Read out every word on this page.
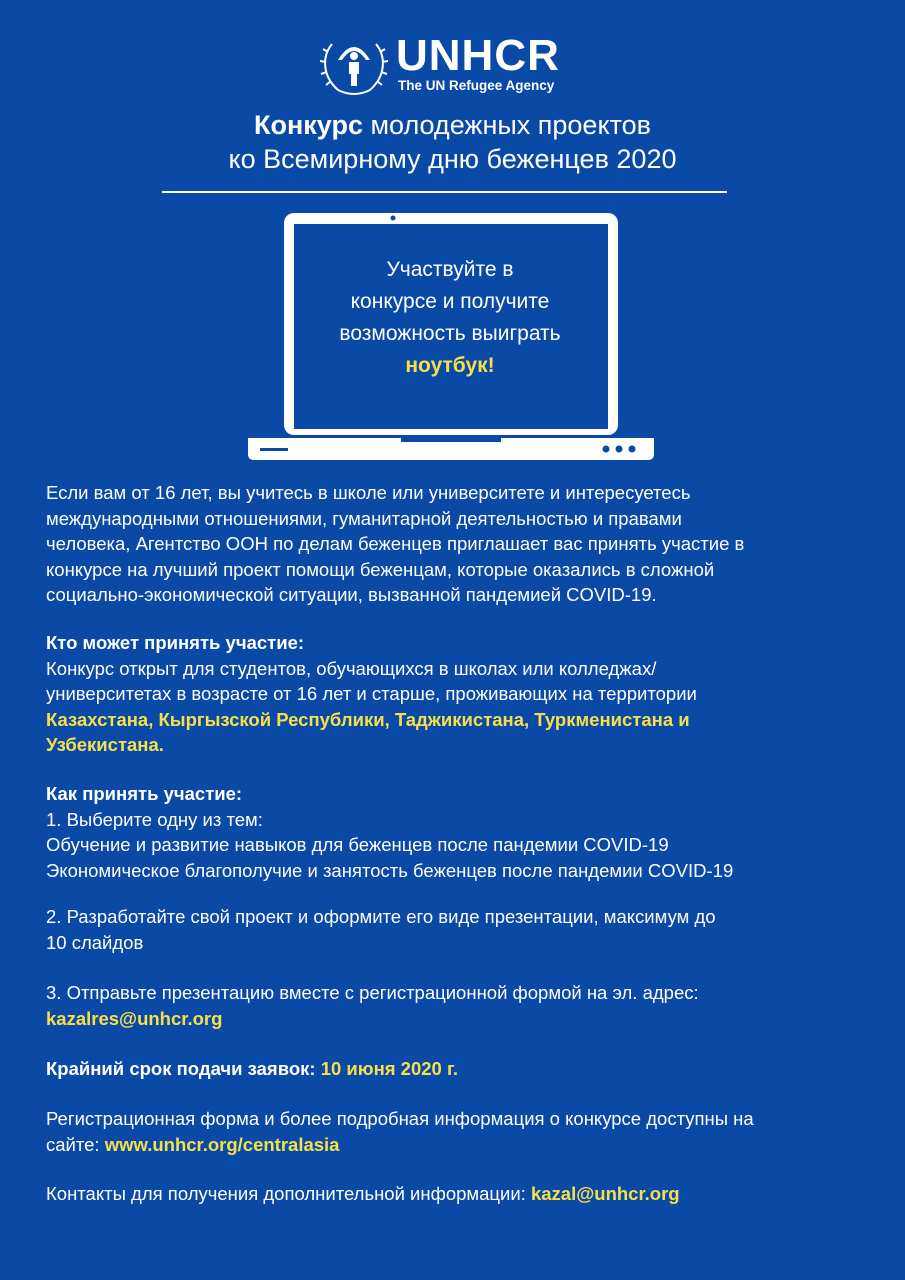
UNHCR
The UN Refugee Agency
Конкурс молодежных проектов
ко Всемирному дню беженцев 2020
Участвуйте в
конкурсе и получите
возможность выиграть
ноутбук!
Если вам от 16 лет, вы учитесь в школе или университете и интересуетесь
международными отношениями, гуманитарной деятельностью и правами
человека, Агентство ООН по делам беженцев приглашает вас принять участие в
конкурсе на лучший проект помощи беженцам, которые оказались в сложной
социально-экономической ситуации, вызванной пандемией COVID-19.
Кто может принять участие:
Конкурс открыт для студентов, обучающихся в школах или колледжах/
университетах в возрасте от 16 лет и старше, проживающих на территории
Казахстана, Кыргызской Республики, Таджикистана, Туркменистана и
Узбекистана.
Как принять участие:
1. Выберите одну из тем:
Обучение и развитие навыков для беженцев после пандемии COVID-19
Экономическое благополучие и занятость беженцев после пандемии COVID-19
2. Разработайте свой проект и оформите его виде презентации, максимум до
10 слайдов
3. Отправьте презентацию вместе с регистрационной формой на эл. адрес:
kazalres@unhcr.org
Крайний срок подачи заявок: 10 июня 2020 г.
Регистрационная форма и более подробная информация о конкурсе доступны на
сайте: www.unhcr.org/centralasia
Контакты для получения дополнительной информации: kazal@unhcr.org
